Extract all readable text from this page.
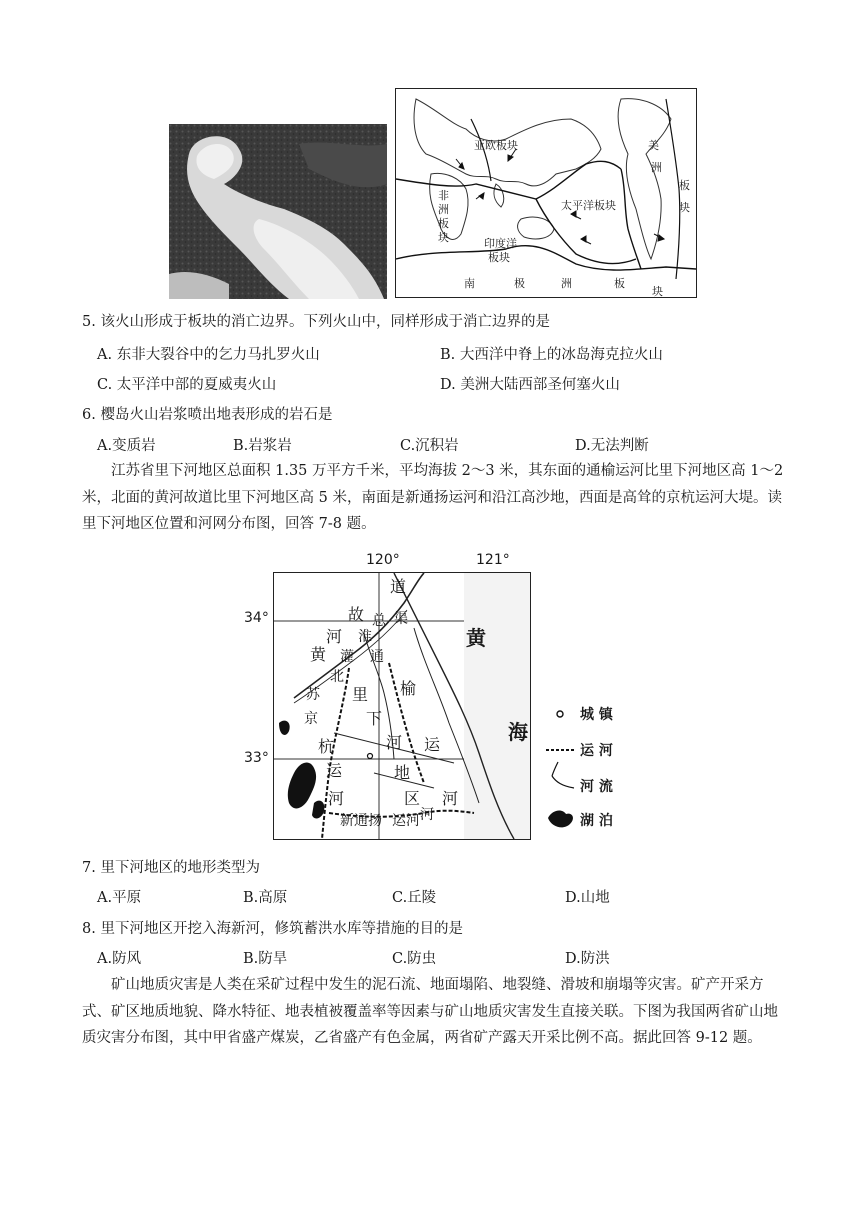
亚欧板块
非
洲
板
块	印度洋
板块
太平洋板块
美
洲
板
块
南	极	洲	板
块
5. 该火山形成于板块的消亡边界。下列火山中，同样形成于消亡边界的是
A. 东非大裂谷中的乞力马扎罗火山	B. 大西洋中脊上的冰岛海克拉火山
C. 太平洋中部的夏威夷火山	D. 美洲大陆西部圣何塞火山
6. 樱岛火山岩浆喷出地表形成的岩石是
A.变质岩	B.岩浆岩	C.沉积岩	D.无法判断
江苏省里下河地区总面积 1.35 万平方千米，平均海拔 2～3 米，其东面的通榆运河比里下河地区高 1～2 米，北面的黄河故道比里下河地区高 5 米，南面是新通扬运河和沿江高沙地，西面是高耸的京杭运河大堤。读里下河地区位置和河网分布图，回答 7-8 题。
120°	121°
34°
33°
道
故 总 渠
河 淮
黄 灌 通
北
苏 里 榆
京	下
杭	河 运
运	地
河	区 河
河
新通扬 运河
黄
海
城 镇
运 河
河 流
湖 泊
7. 里下河地区的地形类型为
A.平原	B.高原	C.丘陵	D.山地
8. 里下河地区开挖入海新河，修筑蓄洪水库等措施的目的是
A.防风	B.防旱	C.防虫	D.防洪
矿山地质灾害是人类在采矿过程中发生的泥石流、地面塌陷、地裂缝、滑坡和崩塌等灾害。矿产开采方式、矿区地质地貌、降水特征、地表植被覆盖率等因素与矿山地质灾害发生直接关联。下图为我国两省矿山地质灾害分布图，其中甲省盛产煤炭，乙省盛产有色金属，两省矿产露天开采比例不高。据此回答 9-12 题。
